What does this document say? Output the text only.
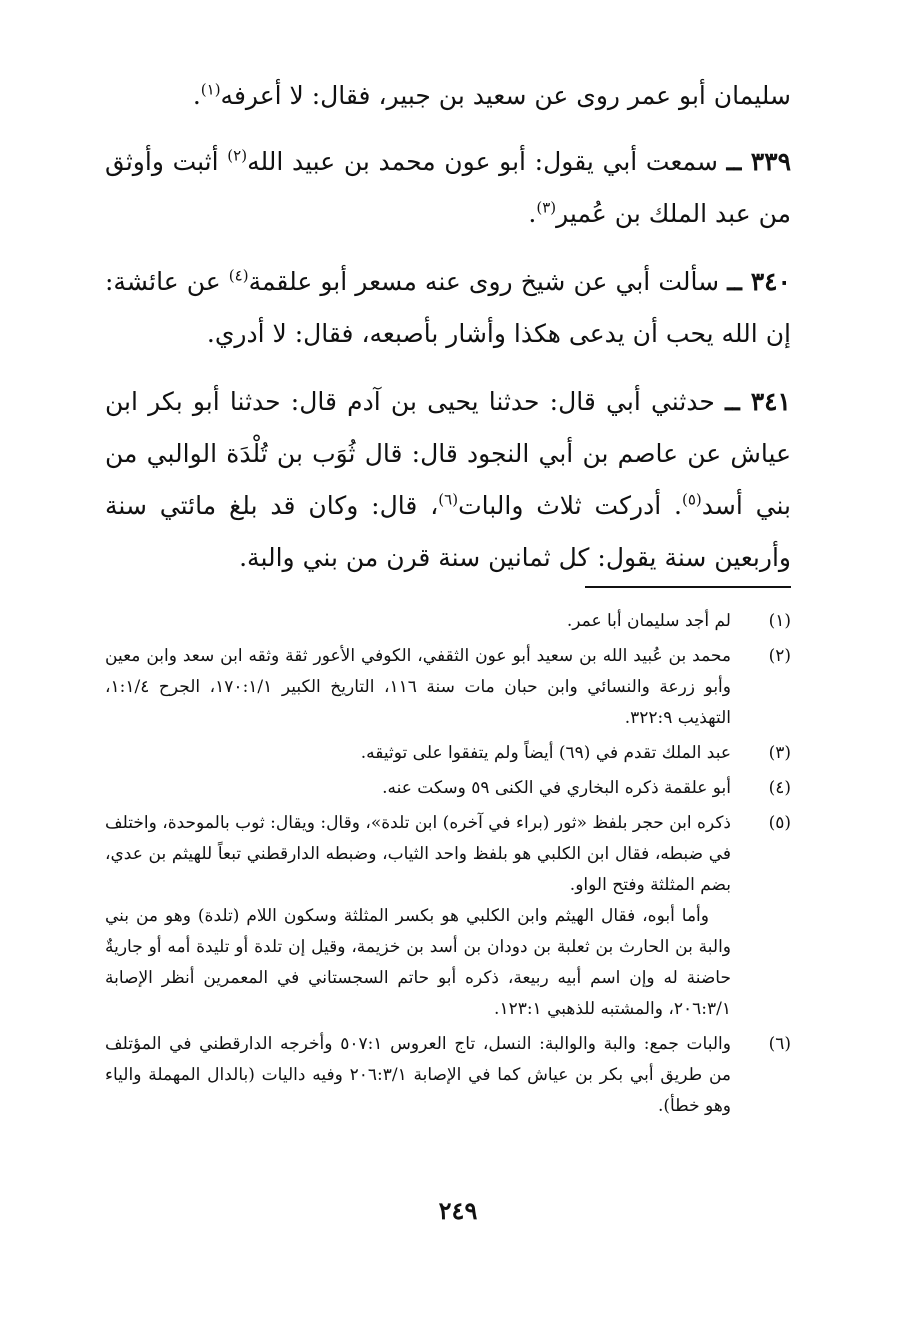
سليمان أبو عمر روى عن سعيد بن جبير، فقال: لا أعرفه$^{(١)}$.

٣٣٩ ــ سمعت أبي يقول: أبو عون محمد بن عبيد الله$^{(٢)}$ أثبت وأوثق من عبد الملك بن عُمير$^{(٣)}$.

٣٤٠ ــ سألت أبي عن شيخ روى عنه مسعر أبو علقمة$^{(٤)}$ عن عائشة: إن الله يحب أن يدعى هكذا وأشار بأصبعه، فقال: لا أدري.

٣٤١ ــ حدثني أبي قال: حدثنا يحيى بن آدم قال: حدثنا أبو بكر ابن عياش عن عاصم بن أبي النجود قال: قال ثُوَب بن تُلْدَة الوالبي من بني أسد$^{(٥)}$. أدركت ثلاث والبات$^{(٦)}$، قال: وكان قد بلغ مائتي سنة وأربعين سنة يقول: كل ثمانين سنة قرن من بني والبة.

(١)

لم أجد سليمان أبا عمر.

(٢)

محمد بن عُبيد الله بن سعيد أبو عون الثقفي، الكوفي الأعور ثقة وثقه ابن سعد وابن معين وأبو زرعة والنسائي وابن حبان مات سنة ١١٦، التاريخ الكبير ١٧٠:١/١، الجرح ١:١/٤، التهذيب ٣٢٢:٩.

(٣)

عبد الملك تقدم في (٦٩) أيضاً ولم يتفقوا على توثيقه.

(٤)

أبو علقمة ذكره البخاري في الكنى ٥٩ وسكت عنه.

(٥)

ذكره ابن حجر بلفظ «ثور (براء في آخره) ابن تلدة»، وقال: ويقال: ثوب بالموحدة، واختلف في ضبطه، فقال ابن الكلبي هو بلفظ واحد الثياب، وضبطه الدارقطني تبعاً للهيثم بن عدي، بضم المثلثة وفتح الواو.

وأما أبوه، فقال الهيثم وابن الكلبي هو بكسر المثلثة وسكون اللام (تلدة) وهو من بني والبة بن الحارث بن ثعلبة بن دودان بن أسد بن خزيمة، وقيل إن تلدة أو تليدة أمه أو جاريةٌ حاضنة له وإن اسم أبيه ربيعة، ذكره أبو حاتم السجستاني في المعمرين أنظر الإصابة ٢٠٦:٣/١، والمشتبه للذهبي ١٢٣:١.

(٦)

والبات جمع: والبة والوالبة: النسل، تاج العروس ٥٠٧:١ وأخرجه الدارقطني في المؤتلف من طريق أبي بكر بن عياش كما في الإصابة ٢٠٦:٣/١ وفيه داليات (بالدال المهملة والياء وهو خطأ).

٢٤٩
